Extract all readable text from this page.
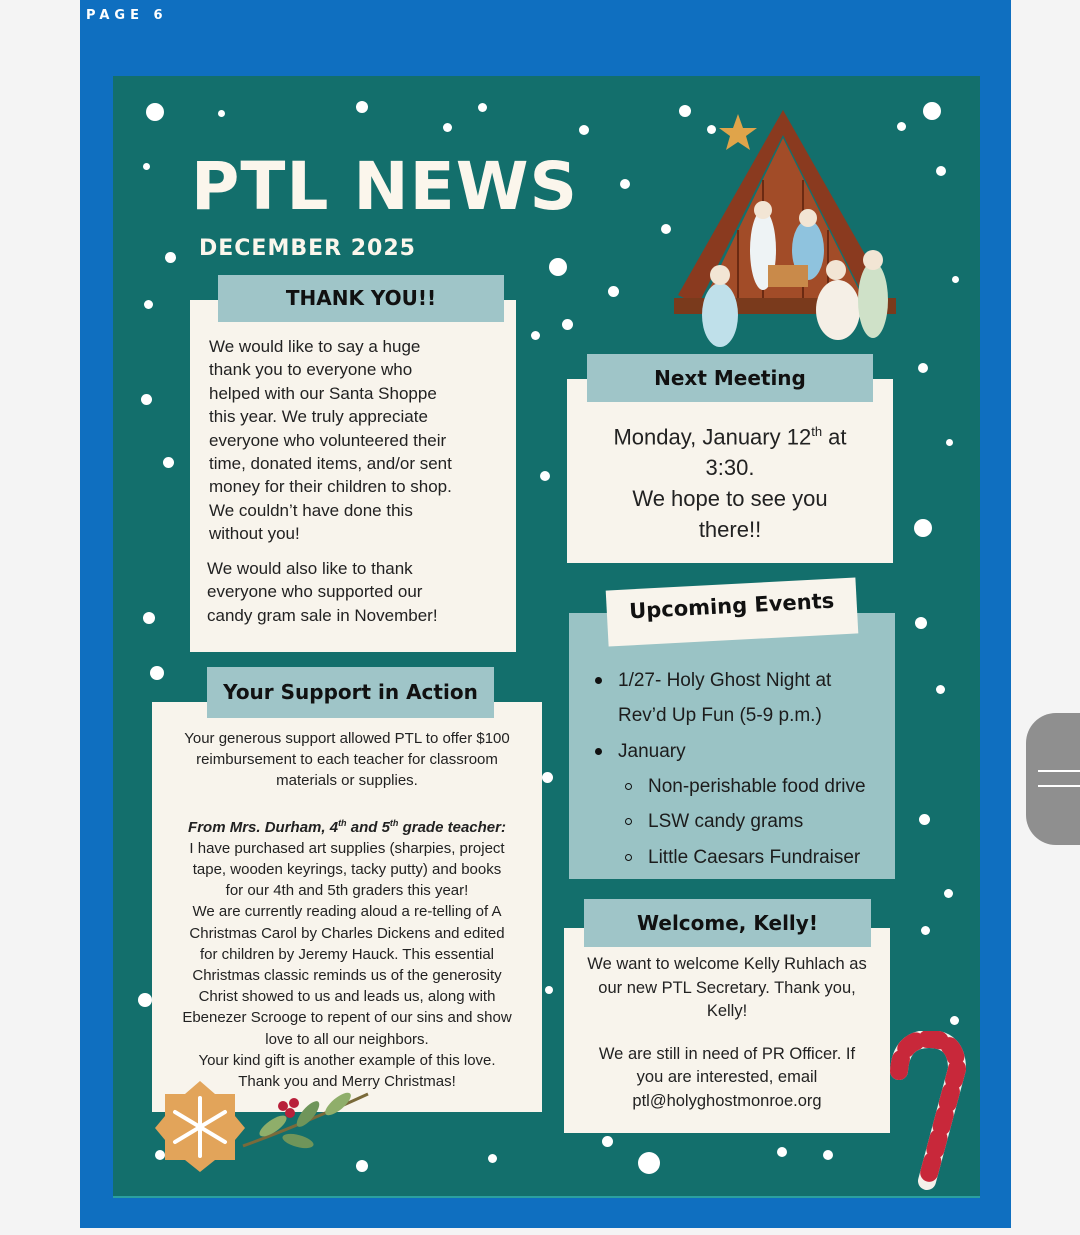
PAGE 6
PTL NEWS
DECEMBER 2025
THANK YOU!!
We would like to say a huge
thank you to everyone who
helped with our Santa Shoppe
this year. We truly appreciate
everyone who volunteered their
time, donated items, and/or sent
money for their children to shop.
We couldn’t have done this
without you!
We would also like to thank
everyone who supported our
candy gram sale in November!
Your Support in Action
Your generous support allowed PTL to offer $100
reimbursement to each teacher for classroom
materials or supplies.
From Mrs. Durham, 4th and 5th grade teacher:
I have purchased art supplies (sharpies, project
tape, wooden keyrings, tacky putty) and books
for our 4th and 5th graders this year!
We are currently reading aloud a re-telling of A
Christmas Carol by Charles Dickens and edited
for children by Jeremy Hauck. This essential
Christmas classic reminds us of the generosity
Christ showed to us and leads us, along with
Ebenezer Scrooge to repent of our sins and show
love to all our neighbors.
Your kind gift is another example of this love.
Thank you and Merry Christmas!
Next Meeting
Monday, January 12th at
3:30.
We hope to see you
there!!
Upcoming Events
1/27- Holy Ghost Night at
Rev’d Up Fun (5-9 p.m.)
January
Non-perishable food drive
LSW candy grams
Little Caesars Fundraiser
Welcome, Kelly!
We want to welcome Kelly Ruhlach as
our new PTL Secretary. Thank you,
Kelly!
We are still in need of PR Officer. If
you are interested, email
ptl@holyghostmonroe.org
